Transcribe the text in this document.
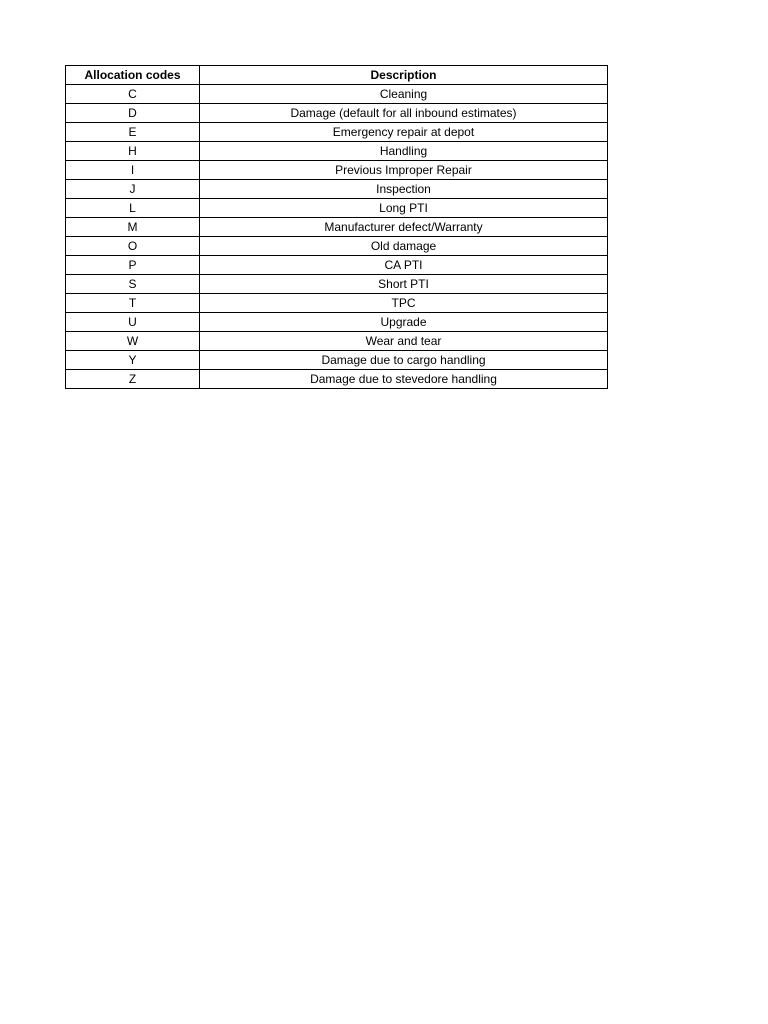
Allocation codes	Description
C	Cleaning
D	Damage (default for all inbound estimates)
E	Emergency repair at depot
H	Handling
I	Previous Improper Repair
J	Inspection
L	Long PTI
M	Manufacturer defect/Warranty
O	Old damage
P	CA PTI
S	Short PTI
T	TPC
U	Upgrade
W	Wear and tear
Y	Damage due to cargo handling
Z	Damage due to stevedore handling
